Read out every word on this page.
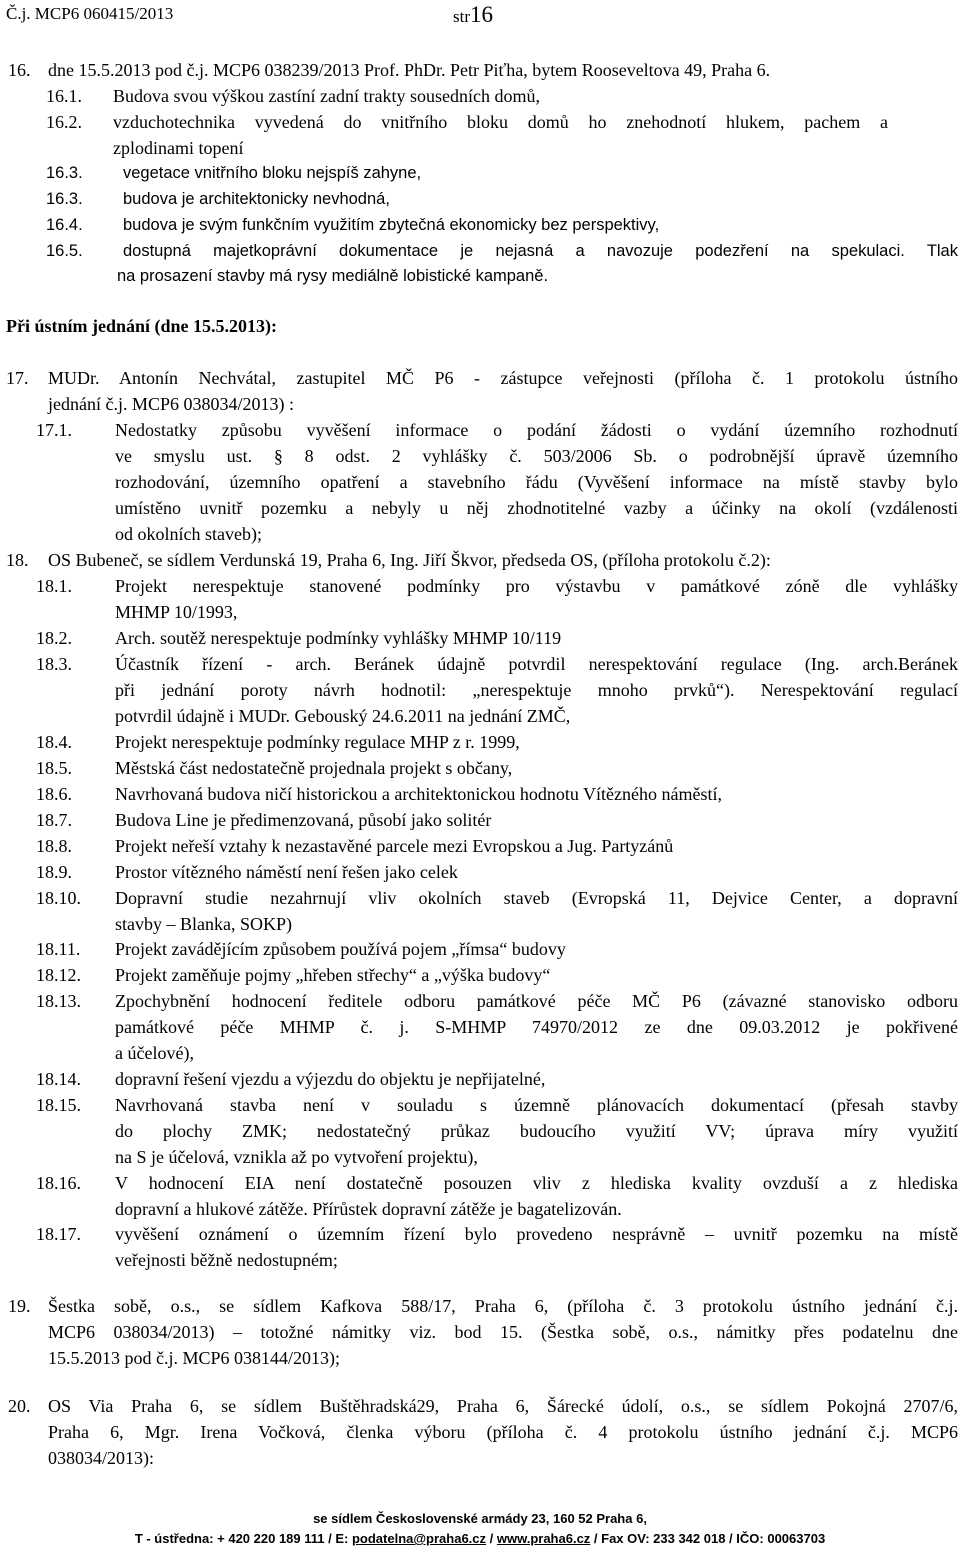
Č.j. MCP6 060415/2013	str16
16. dne 15.5.2013 pod č.j. MCP6 038239/2013 Prof. PhDr. Petr Piťha, bytem Rooseveltova 49, Praha 6.
16.1. Budova svou výškou zastíní zadní trakty sousedních domů,
16.2. vzduchotechnika vyvedená do vnitřního bloku domů ho znehodnotí hlukem, pachem a
zplodinami topení
16.3. vegetace vnitřního bloku nejspíš zahyne,
16.3. budova je architektonicky nevhodná,
16.4. budova je svým funkčním využitím zbytečná ekonomicky bez perspektivy,
16.5. dostupná majetkoprávní dokumentace je nejasná a navozuje podezření na spekulaci. Tlak
na prosazení stavby má rysy mediálně lobistické kampaně.
17. MUDr. Antonín Nechvátal, zastupitel MČ P6 - zástupce veřejnosti (příloha č. 1 protokolu ústního
jednání č.j. MCP6 038034/2013) :
17.1. Nedostatky způsobu vyvěšení informace o podání žádosti o vydání územního rozhodnutí
ve smyslu ust. § 8 odst. 2 vyhlášky č. 503/2006 Sb. o podrobnější úpravě územního
rozhodování, územního opatření a stavebního řádu (Vyvěšení informace na místě stavby bylo
umístěno uvnitř pozemku a nebyly u něj zhodnotitelné vazby a účinky na okolí (vzdálenosti
od okolních staveb);
18. OS Bubeneč, se sídlem Verdunská 19, Praha 6, Ing. Jiří Škvor, předseda OS, (příloha protokolu č.2):
18.1. Projekt nerespektuje stanovené podmínky pro výstavbu v památkové zóně dle vyhlášky
MHMP 10/1993,
18.2. Arch. soutěž nerespektuje podmínky vyhlášky MHMP 10/119
18.3. Účastník řízení - arch. Beránek údajně potvrdil nerespektování regulace (Ing. arch.Beránek
při jednání poroty návrh hodnotil: „nerespektuje mnoho prvků“). Nerespektování regulací
potvrdil údajně i MUDr. Gebouský 24.6.2011 na jednání ZMČ,
18.4. Projekt nerespektuje podmínky regulace MHP z r. 1999,
18.5. Městská část nedostatečně projednala projekt s občany,
18.6. Navrhovaná budova ničí historickou a architektonickou hodnotu Vítězného náměstí,
18.7. Budova Line je předimenzovaná, působí jako solitér
18.8. Projekt neřeší vztahy k nezastavěné parcele mezi Evropskou a Jug. Partyzánů
18.9. Prostor vítězného náměstí není řešen jako celek
18.10. Dopravní studie nezahrnují vliv okolních staveb (Evropská 11, Dejvice Center, a dopravní
stavby – Blanka, SOKP)
18.11. Projekt zavádějícím způsobem používá pojem „římsa“ budovy
18.12. Projekt zaměňuje pojmy „hřeben střechy“ a „výška budovy“
18.13. Zpochybnění hodnocení ředitele odboru památkové péče MČ P6 (závazné stanovisko odboru
památkové péče MHMP č. j. S-MHMP 74970/2012 ze dne 09.03.2012 je pokřivené
a účelové),
18.14. dopravní řešení vjezdu a výjezdu do objektu je nepřijatelné,
18.15. Navrhovaná stavba není v souladu s územně plánovacích dokumentací (přesah stavby
do plochy ZMK; nedostatečný průkaz budoucího využití VV; úprava míry využití
na S je účelová, vznikla až po vytvoření projektu),
18.16. V hodnocení EIA není dostatečně posouzen vliv z hlediska kvality ovzduší a z hlediska
dopravní a hlukové zátěže. Přírůstek dopravní zátěže je bagatelizován.
18.17. vyvěšení oznámení o územním řízení bylo provedeno nesprávně – uvnitř pozemku na místě
veřejnosti běžně nedostupném;
19. Šestka sobě, o.s., se sídlem Kafkova 588/17, Praha 6, (příloha č. 3 protokolu ústního jednání č.j.
MCP6 038034/2013) – totožné námitky viz. bod 15. (Šestka sobě, o.s., námitky přes podatelnu dne
15.5.2013 pod č.j. MCP6 038144/2013);
20. OS Via Praha 6, se sídlem Buštěhradská29, Praha 6, Šárecké údolí, o.s., se sídlem Pokojná 2707/6,
Praha 6, Mgr. Irena Vočková, členka výboru (příloha č. 4 protokolu ústního jednání č.j. MCP6
038034/2013):
Při ústním jednání (dne 15.5.2013):
se sídlem Československé armády 23, 160 52 Praha 6,
T - ústředna: + 420 220 189 111 / E: podatelna@praha6.cz / www.praha6.cz / Fax OV: 233 342 018 / IČO: 00063703
